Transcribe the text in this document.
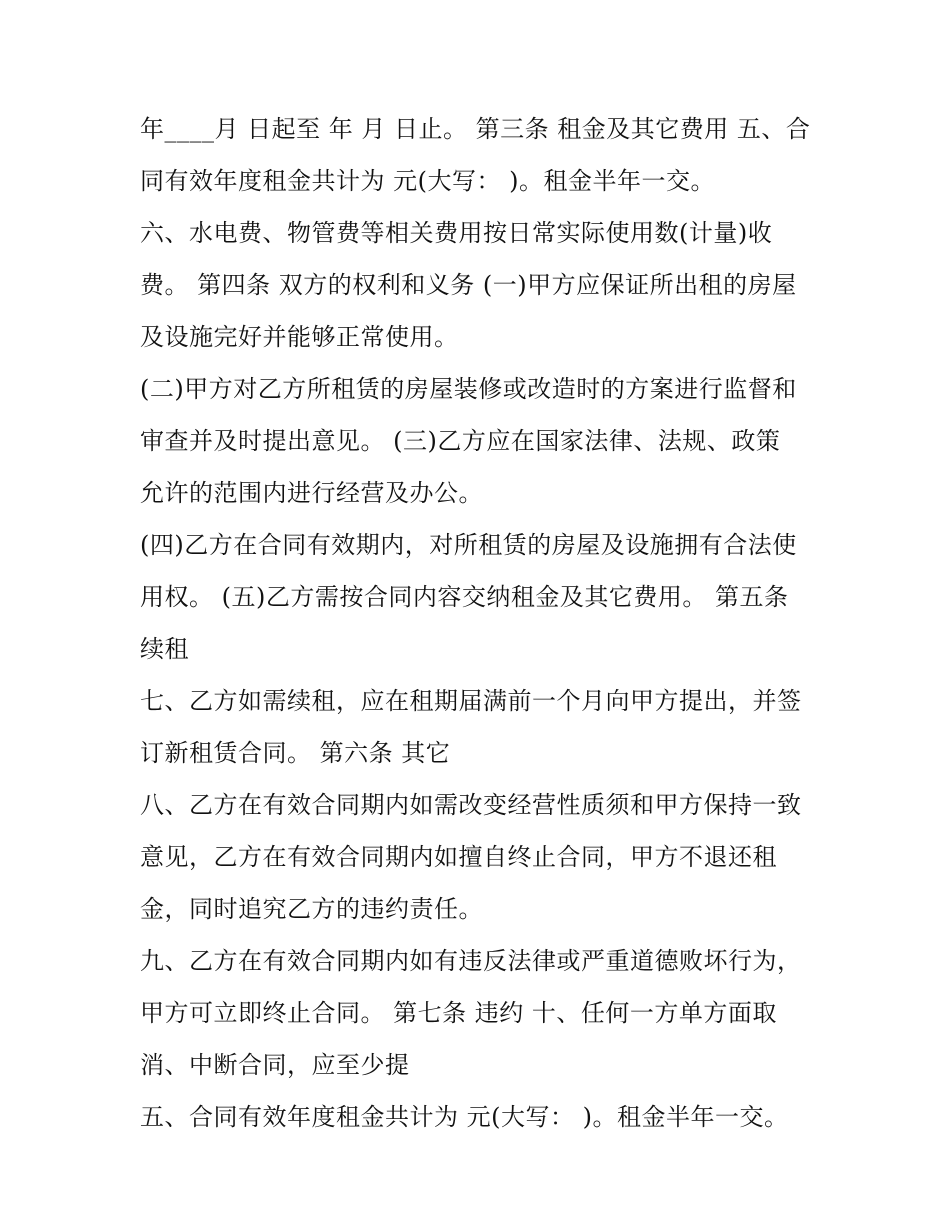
年____月 日起至 年 月 日止。 第三条 租金及其它费用 五、合
同有效年度租金共计为 元(大写： )。租金半年一交。
六、水电费、物管费等相关费用按日常实际使用数(计量)收
费。 第四条 双方的权利和义务 (一)甲方应保证所出租的房屋
及设施完好并能够正常使用。
(二)甲方对乙方所租赁的房屋装修或改造时的方案进行监督和
审查并及时提出意见。 (三)乙方应在国家法律、法规、政策
允许的范围内进行经营及办公。
(四)乙方在合同有效期内，对所租赁的房屋及设施拥有合法使
用权。 (五)乙方需按合同内容交纳租金及其它费用。 第五条
续租
七、乙方如需续租，应在租期届满前一个月向甲方提出，并签
订新租赁合同。 第六条 其它
八、乙方在有效合同期内如需改变经营性质须和甲方保持一致
意见，乙方在有效合同期内如擅自终止合同，甲方不退还租
金，同时追究乙方的违约责任。
九、乙方在有效合同期内如有违反法律或严重道德败坏行为，
甲方可立即终止合同。 第七条 违约 十、任何一方单方面取
消、中断合同，应至少提
五、合同有效年度租金共计为 元(大写： )。租金半年一交。
